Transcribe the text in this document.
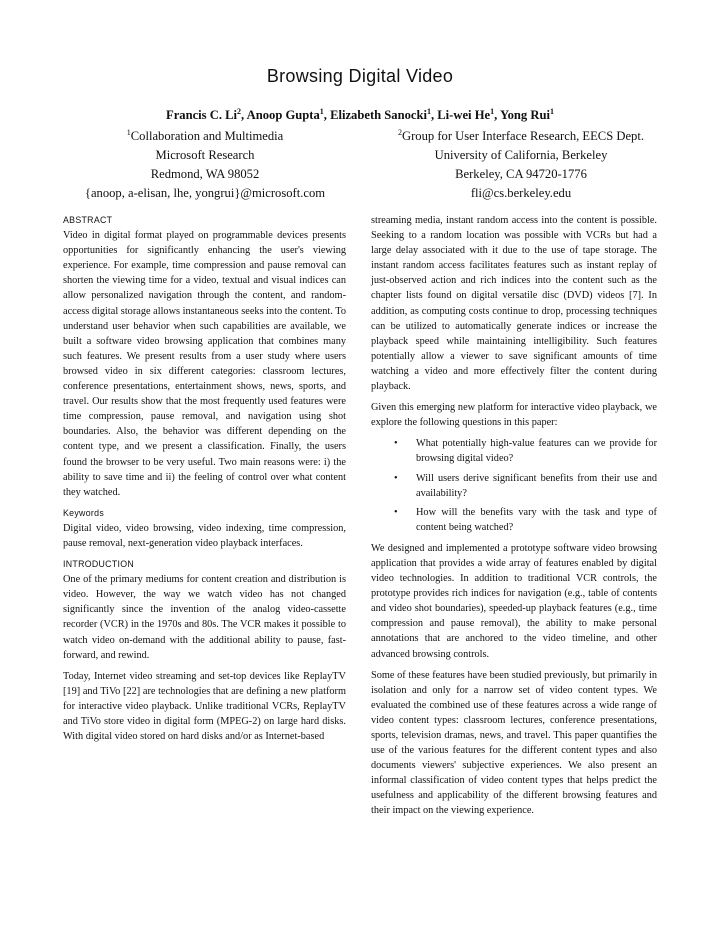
Browsing Digital Video
Francis C. Li$^2$, Anoop Gupta$^1$, Elizabeth Sanocki$^1$, Li-wei He$^1$, Yong Rui$^1$
$^1$Collaboration and Multimedia
Microsoft Research
Redmond, WA 98052
{anoop, a-elisan, lhe, yongrui}@microsoft.com
$^2$Group for User Interface Research, EECS Dept.
University of California, Berkeley
Berkeley, CA 94720-1776
fli@cs.berkeley.edu
ABSTRACT

Video in digital format played on programmable devices presents opportunities for significantly enhancing the user's viewing experience. For example, time compression and pause removal can shorten the viewing time for a video, textual and visual indices can allow personalized navigation through the content, and random-access digital storage allows instantaneous seeks into the content. To understand user behavior when such capabilities are available, we built a software video browsing application that combines many such features. We present results from a user study where users browsed video in six different categories: classroom lectures, conference presentations, entertainment shows, news, sports, and travel. Our results show that the most frequently used features were time compression, pause removal, and navigation using shot boundaries. Also, the behavior was different depending on the content type, and we present a classification. Finally, the users found the browser to be very useful. Two main reasons were: i) the ability to save time and ii) the feeling of control over what content they watched.

Keywords

Digital video, video browsing, video indexing, time compression, pause removal, next-generation video playback interfaces.

INTRODUCTION

One of the primary mediums for content creation and distribution is video. However, the way we watch video has not changed significantly since the invention of the analog video-cassette recorder (VCR) in the 1970s and 80s. The VCR makes it possible to watch video on-demand with the additional ability to pause, fast-forward, and rewind.

Today, Internet video streaming and set-top devices like ReplayTV [19] and TiVo [22] are technologies that are defining a new platform for interactive video playback. Unlike traditional VCRs, ReplayTV and TiVo store video in digital form (MPEG-2) on large hard disks. With digital video stored on hard disks and/or as Internet-based

streaming media, instant random access into the content is possible. Seeking to a random location was possible with VCRs but had a large delay associated with it due to the use of tape storage. The instant random access facilitates features such as instant replay of just-observed action and rich indices into the content such as the chapter lists found on digital versatile disc (DVD) videos [7]. In addition, as computing costs continue to drop, processing techniques can be utilized to automatically generate indices or increase the playback speed while maintaining intelligibility. Such features potentially allow a viewer to save significant amounts of time watching a video and more effectively filter the content during playback.

Given this emerging new platform for interactive video playback, we explore the following questions in this paper:

• What potentially high-value features can we provide for browsing digital video?
• Will users derive significant benefits from their use and availability?
• How will the benefits vary with the task and type of content being watched?

We designed and implemented a prototype software video browsing application that provides a wide array of features enabled by digital video technologies. In addition to traditional VCR controls, the prototype provides rich indices for navigation (e.g., table of contents and video shot boundaries), speeded-up playback features (e.g., time compression and pause removal), the ability to make personal annotations that are anchored to the video timeline, and other advanced browsing controls.

Some of these features have been studied previously, but primarily in isolation and only for a narrow set of video content types. We evaluated the combined use of these features across a wide range of video content types: classroom lectures, conference presentations, sports, television dramas, news, and travel. This paper quantifies the use of the various features for the different content types and also documents viewers' subjective experiences. We also present an informal classification of video content types that helps predict the usefulness and applicability of the different browsing features and their impact on the viewing experience.
